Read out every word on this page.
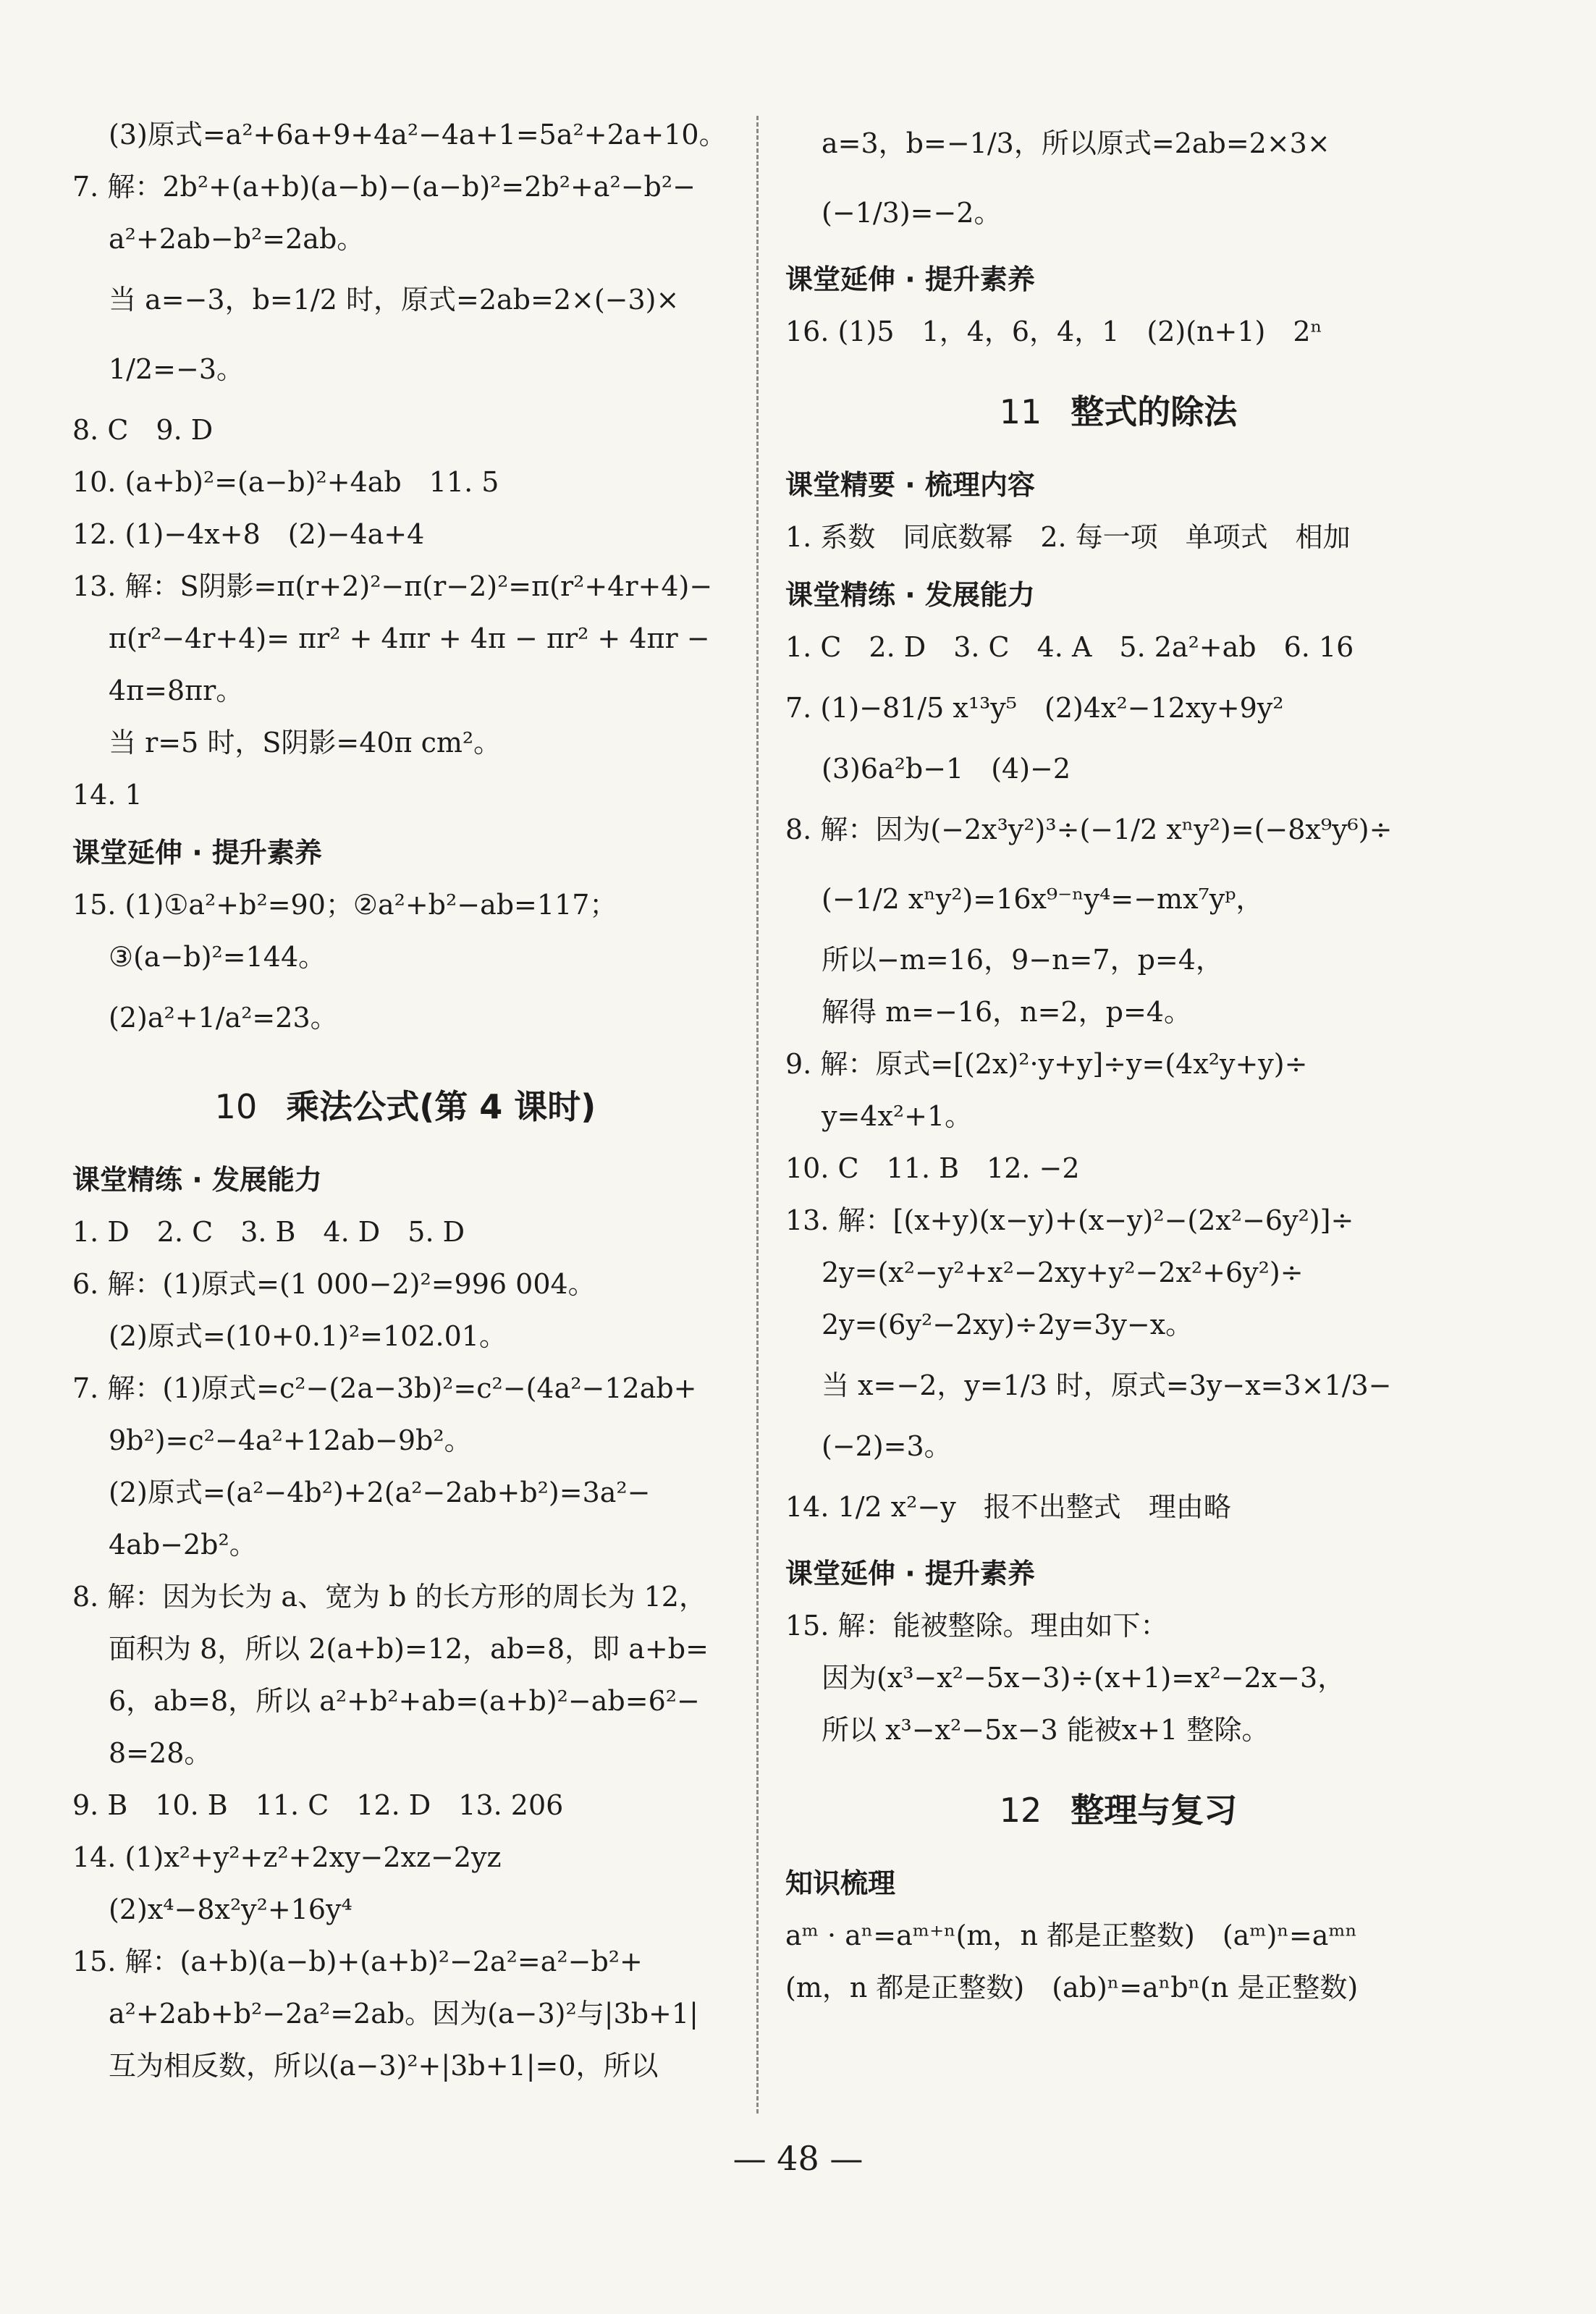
(3)原式=a²+6a+9+4a²−4a+1=5a²+2a+10。
7. 解：2b²+(a+b)(a−b)−(a−b)²=2b²+a²−b²−
a²+2ab−b²=2ab。
当 a=−3，b=1/2 时，原式=2ab=2×(−3)×
1/2=−3。
8. C　9. D
10. (a+b)²=(a−b)²+4ab　11. 5
12. (1)−4x+8　(2)−4a+4
13. 解：S阴影=π(r+2)²−π(r−2)²=π(r²+4r+4)−
π(r²−4r+4)= πr² + 4πr + 4π − πr² + 4πr −
4π=8πr。
当 r=5 时，S阴影=40π cm²。
14. 1
课堂延伸 · 提升素养
15. (1)①a²+b²=90；②a²+b²−ab=117；
③(a−b)²=144。
(2)a²+1/a²=23。
10 乘法公式(第 4 课时)
课堂精练 · 发展能力
1. D　2. C　3. B　4. D　5. D
6. 解：(1)原式=(1 000−2)²=996 004。
(2)原式=(10+0.1)²=102.01。
7. 解：(1)原式=c²−(2a−3b)²=c²−(4a²−12ab+
9b²)=c²−4a²+12ab−9b²。
(2)原式=(a²−4b²)+2(a²−2ab+b²)=3a²−
4ab−2b²。
8. 解：因为长为 a、宽为 b 的长方形的周长为 12，
面积为 8，所以 2(a+b)=12，ab=8，即 a+b=
6，ab=8，所以 a²+b²+ab=(a+b)²−ab=6²−
8=28。
9. B　10. B　11. C　12. D　13. 206
14. (1)x²+y²+z²+2xy−2xz−2yz
(2)x⁴−8x²y²+16y⁴
15. 解：(a+b)(a−b)+(a+b)²−2a²=a²−b²+
a²+2ab+b²−2a²=2ab。因为(a−3)²与|3b+1|
互为相反数，所以(a−3)²+|3b+1|=0，所以
a=3，b=−1/3，所以原式=2ab=2×3×
(−1/3)=−2。
课堂延伸 · 提升素养
16. (1)5　1，4，6，4，1　(2)(n+1)　2ⁿ
11 整式的除法
课堂精要 · 梳理内容
1. 系数　同底数幂　2. 每一项　单项式　相加
课堂精练 · 发展能力
1. C　2. D　3. C　4. A　5. 2a²+ab　6. 16
7. (1)−81/5 x¹³y⁵　(2)4x²−12xy+9y²
(3)6a²b−1　(4)−2
8. 解：因为(−2x³y²)³÷(−1/2 xⁿy²)=(−8x⁹y⁶)÷
(−1/2 xⁿy²)=16x⁹⁻ⁿy⁴=−mx⁷yᵖ，
所以−m=16，9−n=7，p=4，
解得 m=−16，n=2，p=4。
9. 解：原式=[(2x)²·y+y]÷y=(4x²y+y)÷
y=4x²+1。
10. C　11. B　12. −2
13. 解：[(x+y)(x−y)+(x−y)²−(2x²−6y²)]÷
2y=(x²−y²+x²−2xy+y²−2x²+6y²)÷
2y=(6y²−2xy)÷2y=3y−x。
当 x=−2，y=1/3 时，原式=3y−x=3×1/3−
(−2)=3。
14. 1/2 x²−y　报不出整式　理由略
课堂延伸 · 提升素养
15. 解：能被整除。理由如下：
因为(x³−x²−5x−3)÷(x+1)=x²−2x−3，
所以 x³−x²−5x−3 能被x+1 整除。
12 整理与复习
知识梳理
aᵐ · aⁿ=aᵐ⁺ⁿ(m，n 都是正整数)　(aᵐ)ⁿ=aᵐⁿ
(m，n 都是正整数)　(ab)ⁿ=aⁿbⁿ(n 是正整数)
— 48 —
